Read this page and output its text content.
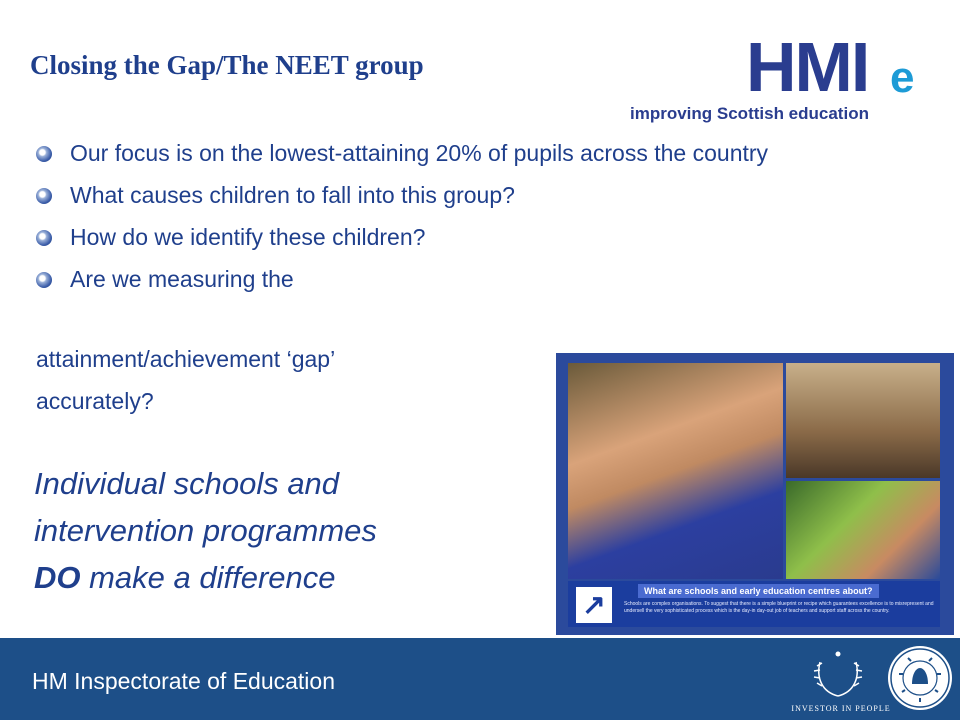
Closing the Gap/The NEET group	HMI e
improving Scottish education
Our focus is on the lowest-attaining 20% of pupils across the country
What causes children to fall into this group?
How do we identify these children?
Are we measuring the
attainment/achievement ‘gap’
accurately?
Individual schools and
intervention programmes
DO make a difference
↗	What are schools and early education centres about?
Schools are complex organisations. To suggest that there is a simple blueprint or recipe which guarantees excellence is to misrepresent and undersell the very sophisticated process which is the day-in day-out job of teachers and support staff across the country.
HM Inspectorate of Education
INVESTOR IN PEOPLE
